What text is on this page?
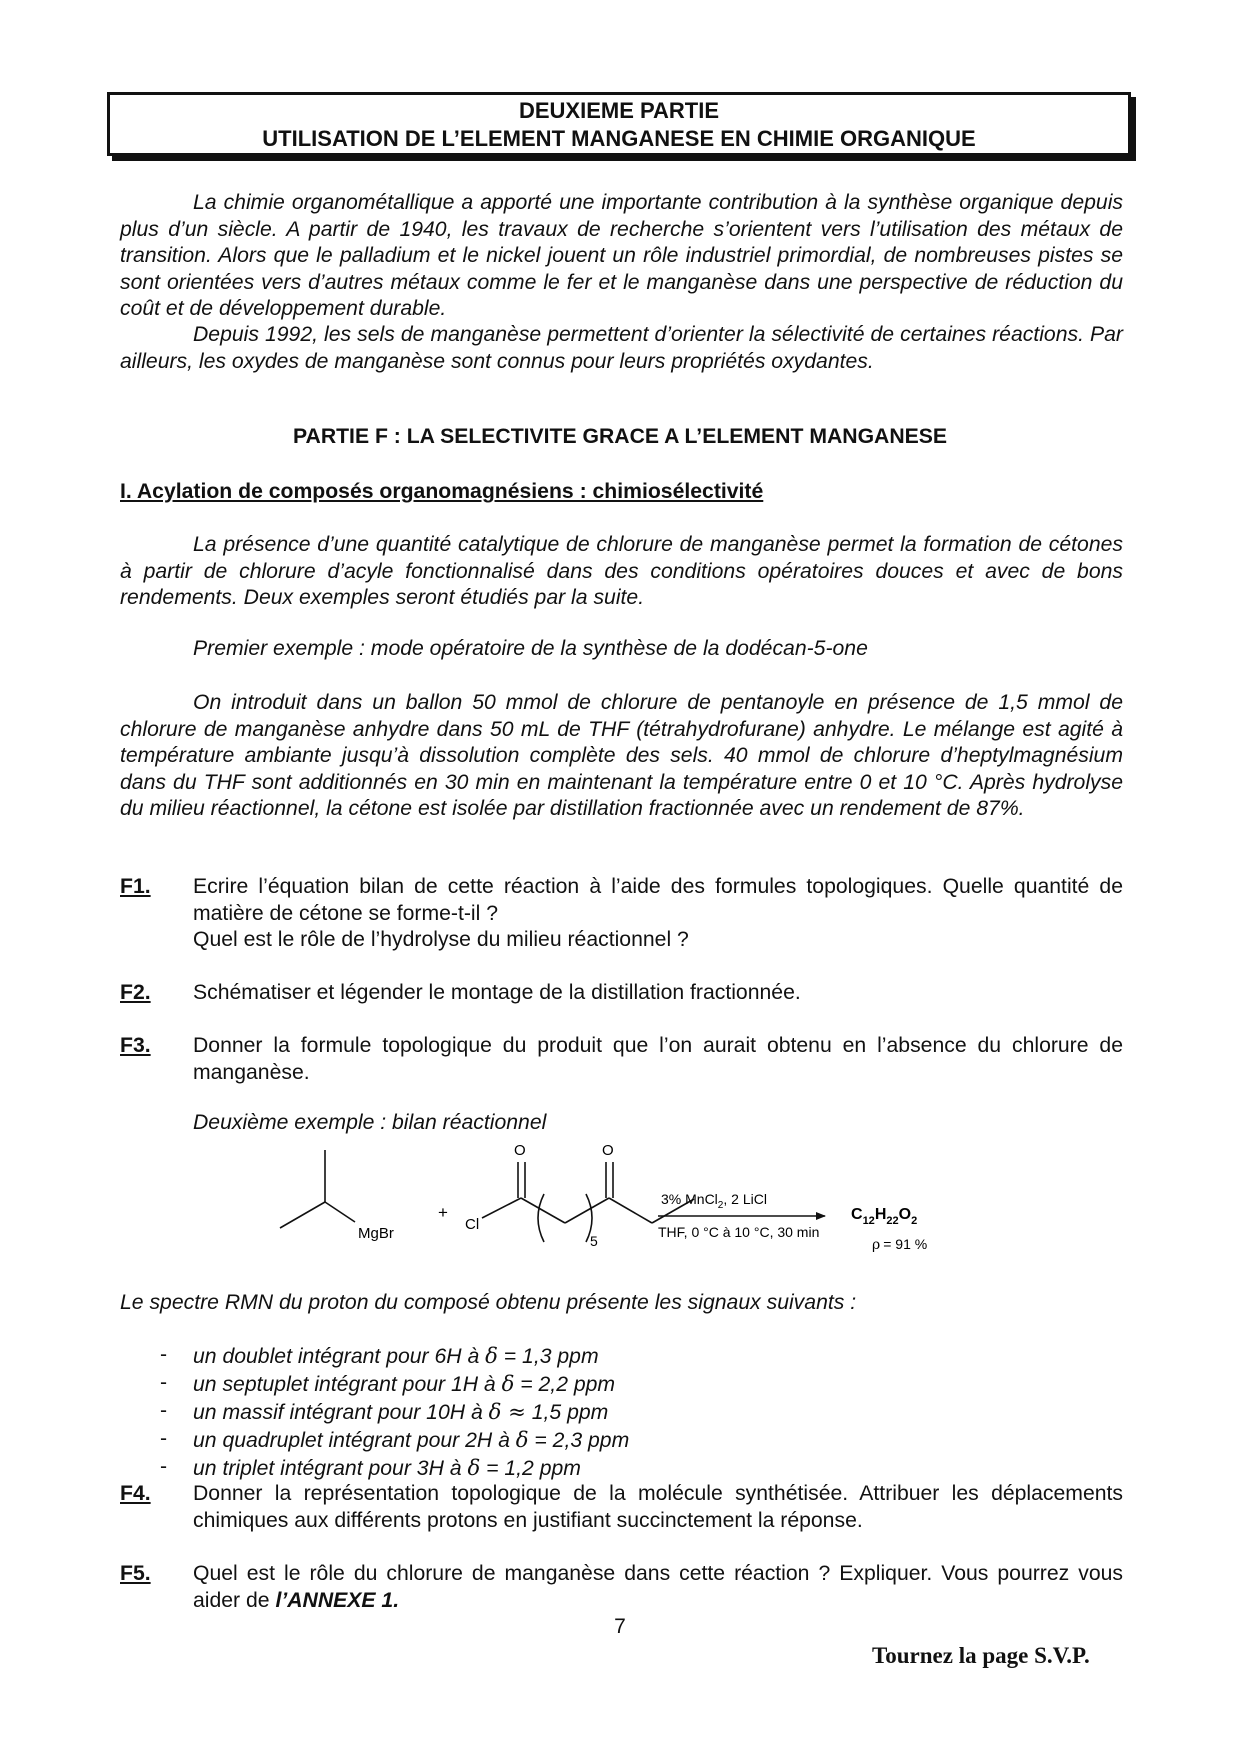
DEUXIEME PARTIE
UTILISATION DE L’ELEMENT MANGANESE EN CHIMIE ORGANIQUE
La chimie organométallique a apporté une importante contribution à la synthèse organique depuis plus d’un siècle. A partir de 1940, les travaux de recherche s’orientent vers l’utilisation des métaux de transition. Alors que le palladium et le nickel jouent un rôle industriel primordial, de nombreuses pistes se sont orientées vers d’autres métaux comme le fer et le manganèse dans une perspective de réduction du coût et de développement durable.
Depuis 1992, les sels de manganèse permettent d’orienter la sélectivité de certaines réactions. Par ailleurs, les oxydes de manganèse sont connus pour leurs propriétés oxydantes.
PARTIE F : LA SELECTIVITE GRACE A L’ELEMENT MANGANESE
I. Acylation de composés organomagnésiens : chimiosélectivité
La présence d’une quantité catalytique de chlorure de manganèse permet la formation de cétones à partir de chlorure d’acyle fonctionnalisé dans des conditions opératoires douces et avec de bons rendements. Deux exemples seront étudiés par la suite.
Premier exemple : mode opératoire de la synthèse de la dodécan-5-one
On introduit dans un ballon 50 mmol de chlorure de pentanoyle en présence de 1,5 mmol de chlorure de manganèse anhydre dans 50 mL de THF (tétrahydrofurane) anhydre. Le mélange est agité à température ambiante jusqu’à dissolution complète des sels. 40 mmol de chlorure d’heptylmagnésium dans du THF sont additionnés en 30 min en maintenant la température entre 0 et 10 °C. Après hydrolyse du milieu réactionnel, la cétone est isolée par distillation fractionnée avec un rendement de 87%.
F1. Ecrire l’équation bilan de cette réaction à l’aide des formules topologiques. Quelle quantité de matière de cétone se forme-t-il ?
Quel est le rôle de l’hydrolyse du milieu réactionnel ?
F2. Schématiser et légender le montage de la distillation fractionnée.
F3. Donner la formule topologique du produit que l’on aurait obtenu en l’absence du chlorure de manganèse.
Deuxième exemple : bilan réactionnel
MgBr
+
Cl
O	O
5
3% MnCl$_2$, 2 LiCl
THF, 0 °C à 10 °C, 30 min
$C_{12}H_{22}O_2$
ρ = 91 %
Le spectre RMN du proton du composé obtenu présente les signaux suivants :
- un doublet intégrant pour 6H à δ = 1,3 ppm
- un septuplet intégrant pour 1H à δ = 2,2 ppm
- un massif intégrant pour 10H à δ ≈ 1,5 ppm
- un quadruplet intégrant pour 2H à δ = 2,3 ppm
- un triplet intégrant pour 3H à δ = 1,2 ppm
F4. Donner la représentation topologique de la molécule synthétisée. Attribuer les déplacements chimiques aux différents protons en justifiant succinctement la réponse.
F5. Quel est le rôle du chlorure de manganèse dans cette réaction ? Expliquer. Vous pourrez vous aider de l’ANNEXE 1.
7
Tournez la page S.V.P.
